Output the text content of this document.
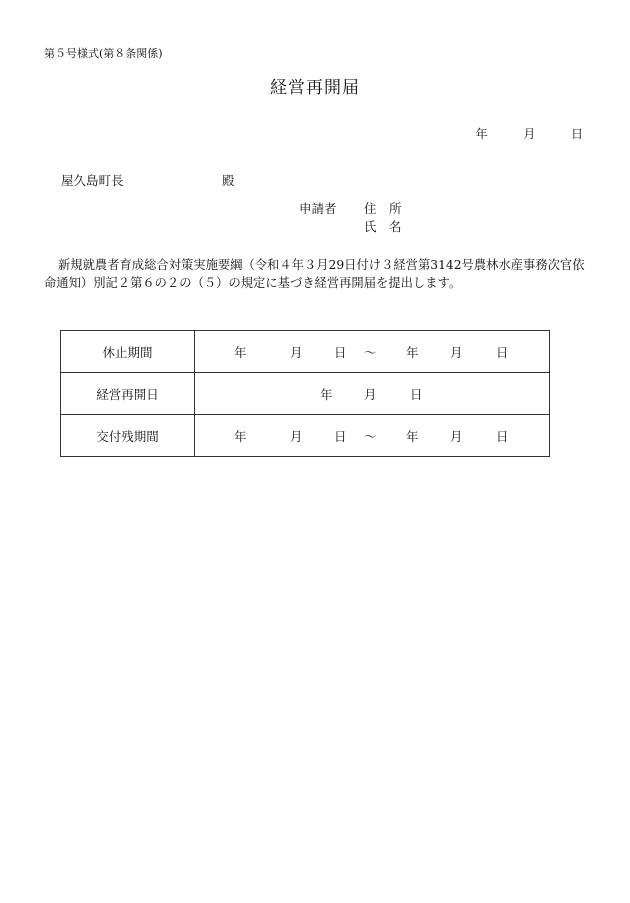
第５号様式(第８条関係)
経営再開届
年	月	日
屋久島町長	殿
申請者 住　所
氏　名
新規就農者育成総合対策実施要綱（令和４年３月29日付け３経営第3142号農林水産事務次官依命通知）別記２第６の２の（５）の規定に基づき経営再開届を提出します。
休止期間	年 月 日 ～ 年 月 日
経営再開日	年 月 日
交付残期間	年 月 日 ～ 年 月 日
